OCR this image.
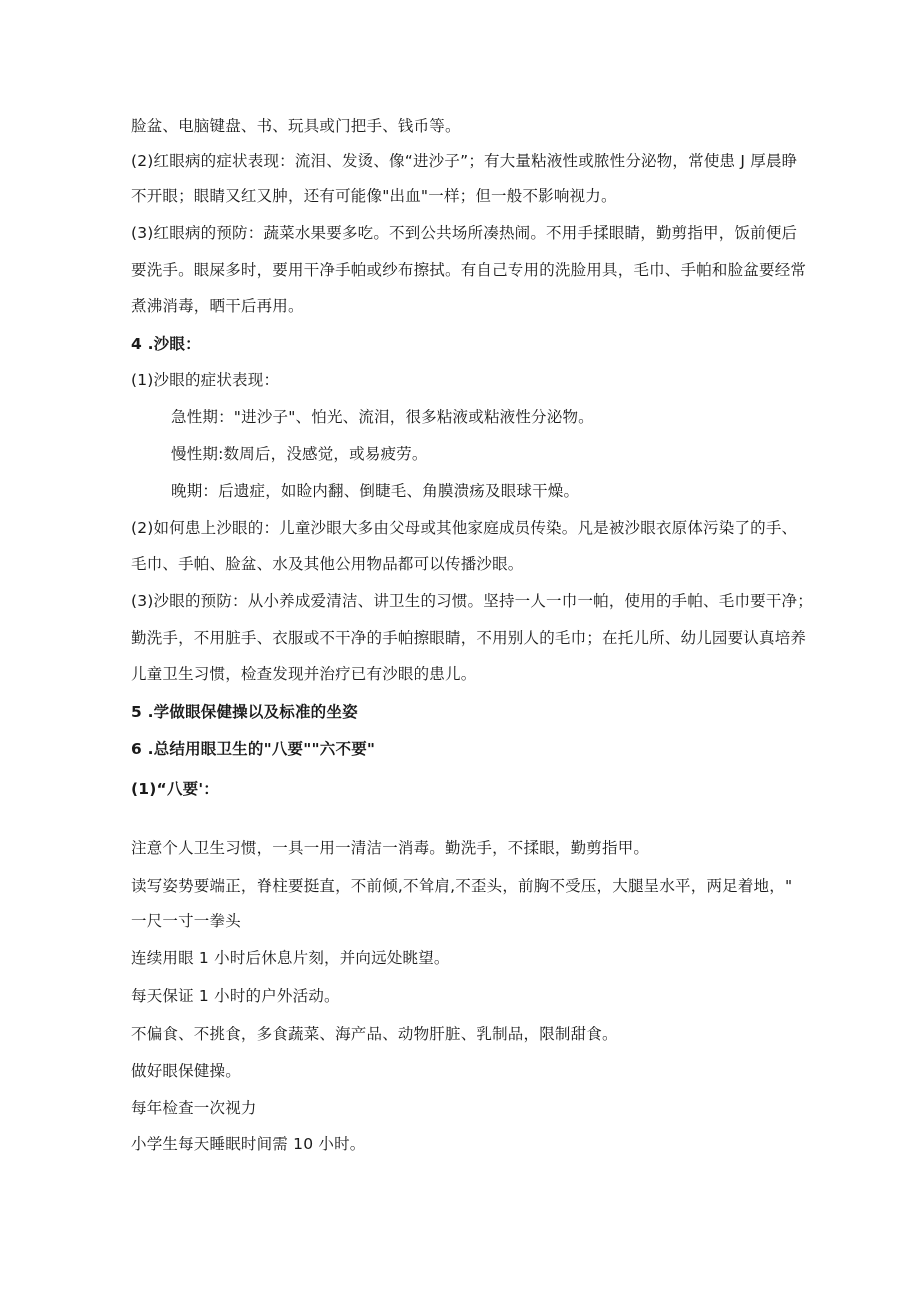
脸盆、电脑键盘、书、玩具或门把手、钱币等。
(2)红眼病的症状表现：流泪、发烫、像“进沙子”；有大量粘液性或脓性分泌物，常使患 J 厚晨睁
不开眼；眼睛又红又肿，还有可能像"出血"一样；但一般不影响视力。
(3)红眼病的预防：蔬菜水果要多吃。不到公共场所凑热闹。不用手揉眼睛，勤剪指甲，饭前便后
要洗手。眼屎多时，要用干净手帕或纱布擦拭。有自己专用的洗脸用具，毛巾、手帕和脸盆要经常
煮沸消毒，晒干后再用。
4 .沙眼：
(1)沙眼的症状表现：
急性期："进沙子"、怕光、流泪，很多粘液或粘液性分泌物。
慢性期:数周后，没感觉，或易疲劳。
晚期：后遗症，如睑内翻、倒睫毛、角膜溃疡及眼球干燥。
(2)如何患上沙眼的：儿童沙眼大多由父母或其他家庭成员传染。凡是被沙眼衣原体污染了的手、
毛巾、手帕、脸盆、水及其他公用物品都可以传播沙眼。
(3)沙眼的预防：从小养成爱清洁、讲卫生的习惯。坚持一人一巾一帕，使用的手帕、毛巾要干净；
勤洗手，不用脏手、衣服或不干净的手帕擦眼睛，不用别人的毛巾；在托儿所、幼儿园要认真培养
儿童卫生习惯，检查发现并治疗已有沙眼的患儿。
5 .学做眼保健操以及标准的坐姿
6 .总结用眼卫生的"八要""六不要"
(1)“八要'：
注意个人卫生习惯，一具一用一清洁一消毒。勤洗手，不揉眼，勤剪指甲。
读写姿势要端正，脊柱要挺直，不前倾,不耸肩,不歪头，前胸不受压，大腿呈水平，两足着地，"
一尺一寸一拳头
连续用眼 1 小时后休息片刻，并向远处眺望。
每天保证 1 小时的户外活动。
不偏食、不挑食，多食蔬菜、海产品、动物肝脏、乳制品，限制甜食。
做好眼保健操。
每年检查一次视力
小学生每天睡眠时间需 10 小时。
